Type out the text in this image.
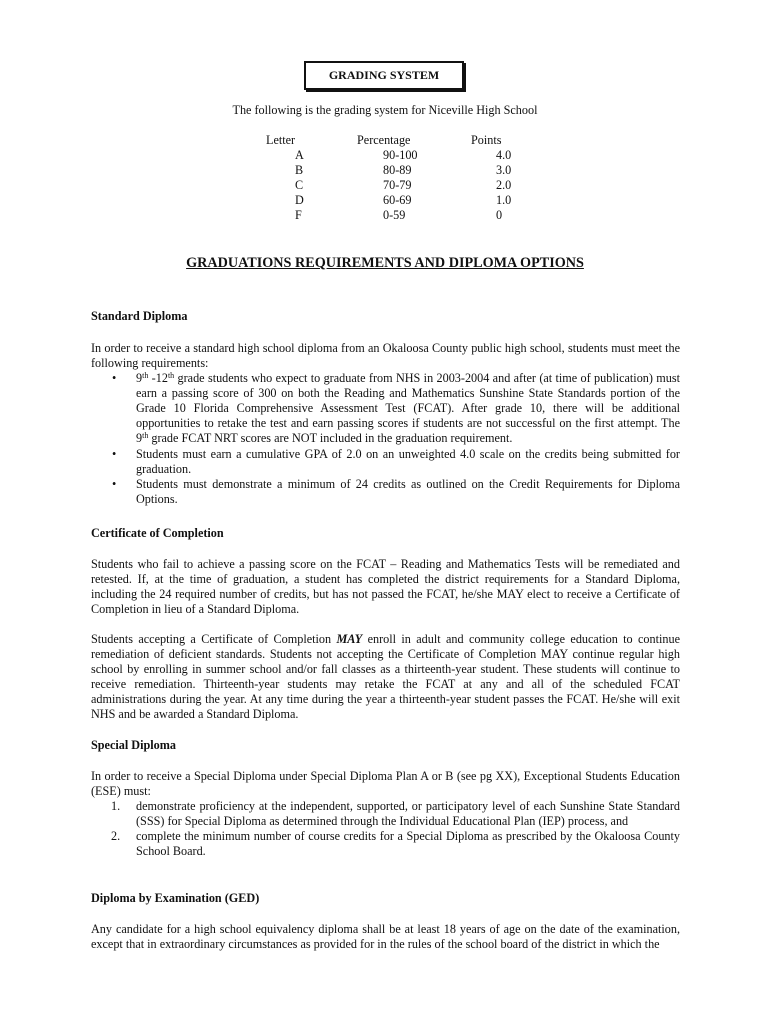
GRADING SYSTEM
The following is the grading system for Niceville High School
Letter	Percentage	Points
A	90-100	4.0
B	80-89	3.0
C	70-79	2.0
D	60-69	1.0
F	0-59	0
GRADUATIONS REQUIREMENTS AND DIPLOMA OPTIONS
Standard Diploma
In order to receive a standard high school diploma from an Okaloosa County public high school, students must meet the following requirements:
• 9th -12th grade students who expect to graduate from NHS in 2003-2004 and after (at time of publication) must earn a passing score of 300 on both the Reading and Mathematics Sunshine State Standards portion of the Grade 10 Florida Comprehensive Assessment Test (FCAT). After grade 10, there will be additional opportunities to retake the test and earn passing scores if students are not successful on the first attempt. The 9th grade FCAT NRT scores are NOT included in the graduation requirement.
• Students must earn a cumulative GPA of 2.0 on an unweighted 4.0 scale on the credits being submitted for graduation.
• Students must demonstrate a minimum of 24 credits as outlined on the Credit Requirements for Diploma Options.
Certificate of Completion
Students who fail to achieve a passing score on the FCAT – Reading and Mathematics Tests will be remediated and retested. If, at the time of graduation, a student has completed the district requirements for a Standard Diploma, including the 24 required number of credits, but has not passed the FCAT, he/she MAY elect to receive a Certificate of Completion in lieu of a Standard Diploma.
Students accepting a Certificate of Completion MAY enroll in adult and community college education to continue remediation of deficient standards. Students not accepting the Certificate of Completion MAY continue regular high school by enrolling in summer school and/or fall classes as a thirteenth-year student. These students will continue to receive remediation. Thirteenth-year students may retake the FCAT at any and all of the scheduled FCAT administrations during the year. At any time during the year a thirteenth-year student passes the FCAT. He/she will exit NHS and be awarded a Standard Diploma.
Special Diploma
In order to receive a Special Diploma under Special Diploma Plan A or B (see pg XX), Exceptional Students Education (ESE) must:
1. demonstrate proficiency at the independent, supported, or participatory level of each Sunshine State Standard (SSS) for Special Diploma as determined through the Individual Educational Plan (IEP) process, and
2. complete the minimum number of course credits for a Special Diploma as prescribed by the Okaloosa County School Board.
Diploma by Examination (GED)
Any candidate for a high school equivalency diploma shall be at least 18 years of age on the date of the examination, except that in extraordinary circumstances as provided for in the rules of the school board of the district in which the
